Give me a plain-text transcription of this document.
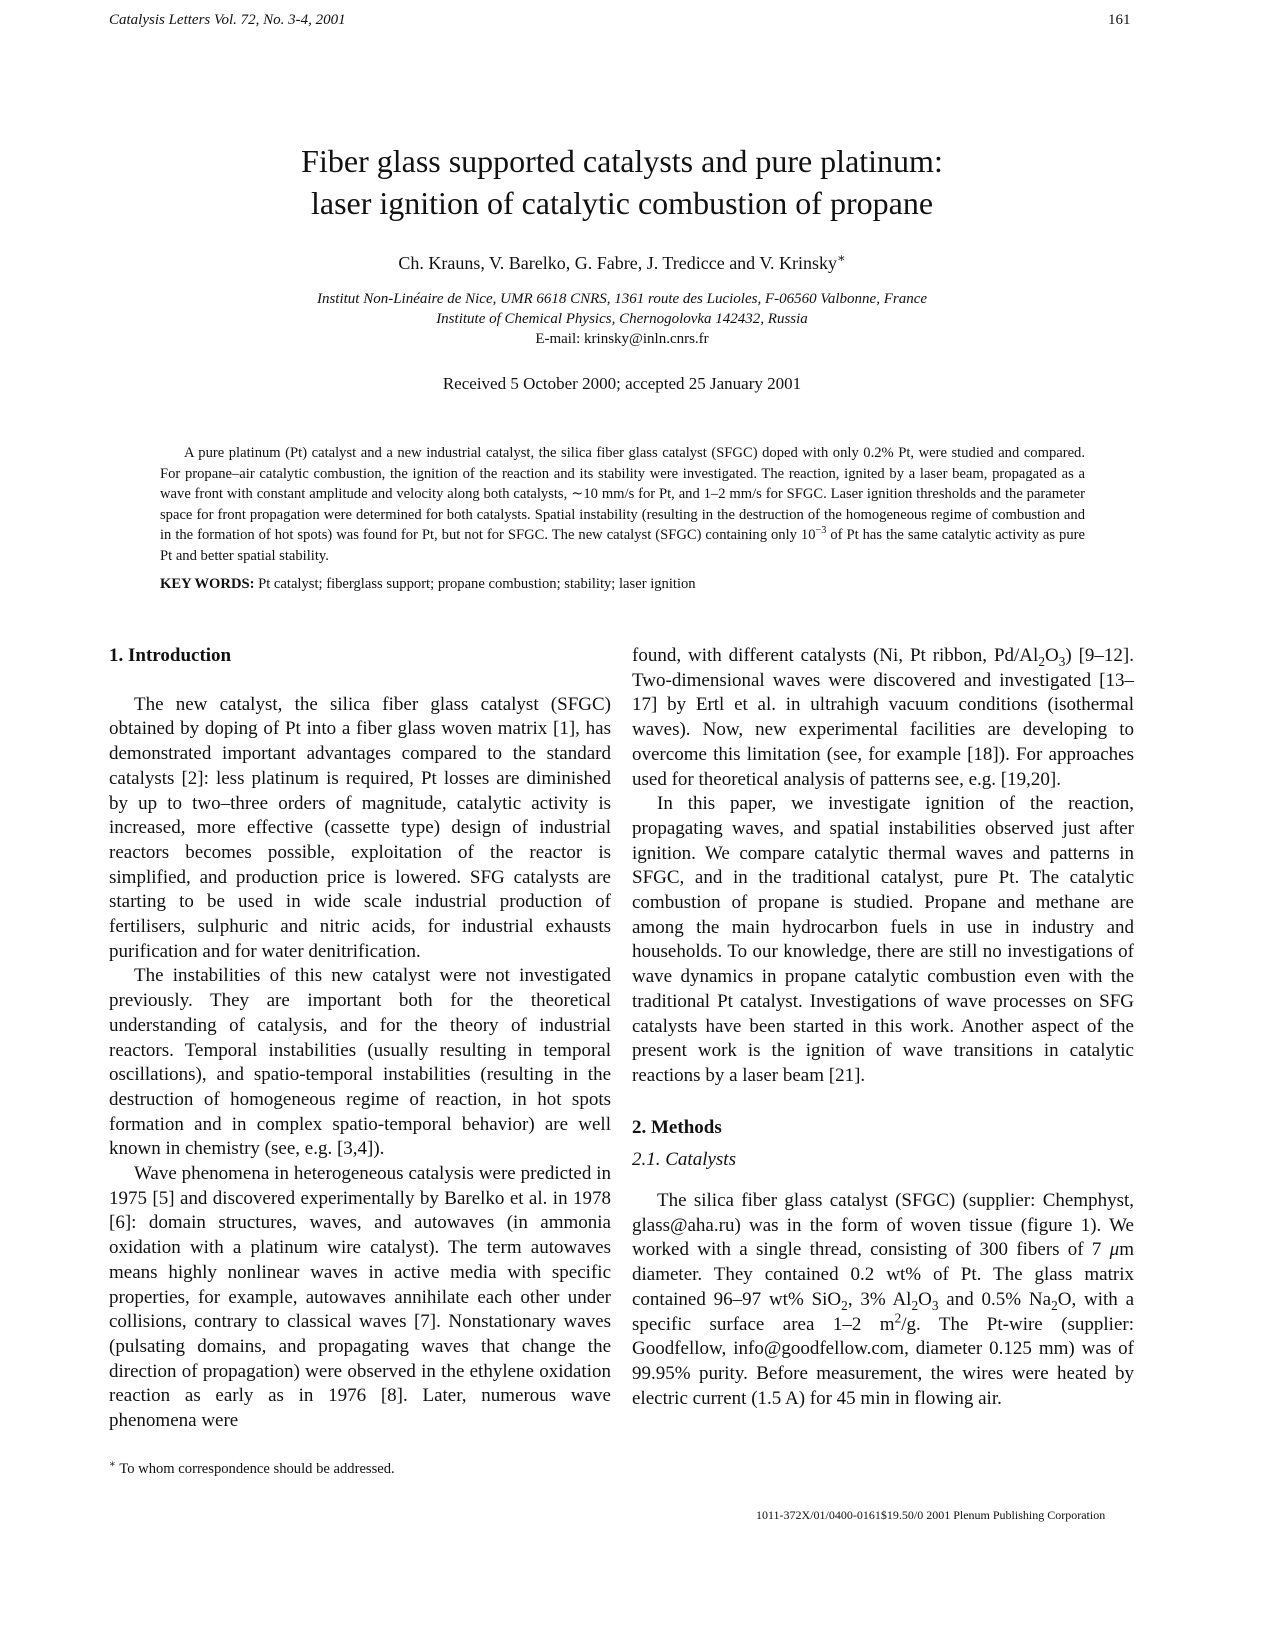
Catalysis Letters Vol. 72, No. 3-4, 2001	161
Fiber glass supported catalysts and pure platinum:
laser ignition of catalytic combustion of propane
Ch. Krauns, V. Barelko, G. Fabre, J. Tredicce and V. Krinsky∗
Institut Non-Linéaire de Nice, UMR 6618 CNRS, 1361 route des Lucioles, F-06560 Valbonne, France
Institute of Chemical Physics, Chernogolovka 142432, Russia
E-mail: krinsky@inln.cnrs.fr
Received 5 October 2000; accepted 25 January 2001
A pure platinum (Pt) catalyst and a new industrial catalyst, the silica fiber glass catalyst (SFGC) doped with only 0.2% Pt, were studied and compared. For propane–air catalytic combustion, the ignition of the reaction and its stability were investigated. The reaction, ignited by a laser beam, propagated as a wave front with constant amplitude and velocity along both catalysts, ∼10 mm/s for Pt, and 1–2 mm/s for SFGC. Laser ignition thresholds and the parameter space for front propagation were determined for both catalysts. Spatial instability (resulting in the destruction of the homogeneous regime of combustion and in the formation of hot spots) was found for Pt, but not for SFGC. The new catalyst (SFGC) containing only $10^{-3}$ of Pt has the same catalytic activity as pure Pt and better spatial stability.
KEY WORDS: Pt catalyst; fiberglass support; propane combustion; stability; laser ignition
1. Introduction

The new catalyst, the silica fiber glass catalyst (SFGC) obtained by doping of Pt into a fiber glass woven matrix [1], has demonstrated important advantages compared to the standard catalysts [2]: less platinum is required, Pt losses are diminished by up to two–three orders of magnitude, catalytic activity is increased, more effective (cassette type) design of industrial reactors becomes possible, exploitation of the reactor is simplified, and production price is lowered. SFG catalysts are starting to be used in wide scale industrial production of fertilisers, sulphuric and nitric acids, for industrial exhausts purification and for water denitrification.

The instabilities of this new catalyst were not investigated previously. They are important both for the theoretical understanding of catalysis, and for the theory of industrial reactors. Temporal instabilities (usually resulting in temporal oscillations), and spatio-temporal instabilities (resulting in the destruction of homogeneous regime of reaction, in hot spots formation and in complex spatio-temporal behavior) are well known in chemistry (see, e.g. [3,4]).

Wave phenomena in heterogeneous catalysis were predicted in 1975 [5] and discovered experimentally by Barelko et al. in 1978 [6]: domain structures, waves, and autowaves (in ammonia oxidation with a platinum wire catalyst). The term autowaves means highly nonlinear waves in active media with specific properties, for example, autowaves annihilate each other under collisions, contrary to classical waves [7]. Nonstationary waves (pulsating domains, and propagating waves that change the direction of propagation) were observed in the ethylene oxidation reaction as early as in 1976 [8]. Later, numerous wave phenomena were

found, with different catalysts (Ni, Pt ribbon, $Pd/Al_2O_3$) [9–12]. Two-dimensional waves were discovered and investigated [13–17] by Ertl et al. in ultrahigh vacuum conditions (isothermal waves). Now, new experimental facilities are developing to overcome this limitation (see, for example [18]). For approaches used for theoretical analysis of patterns see, e.g. [19,20].

In this paper, we investigate ignition of the reaction, propagating waves, and spatial instabilities observed just after ignition. We compare catalytic thermal waves and patterns in SFGC, and in the traditional catalyst, pure Pt. The catalytic combustion of propane is studied. Propane and methane are among the main hydrocarbon fuels in use in industry and households. To our knowledge, there are still no investigations of wave dynamics in propane catalytic combustion even with the traditional Pt catalyst. Investigations of wave processes on SFG catalysts have been started in this work. Another aspect of the present work is the ignition of wave transitions in catalytic reactions by a laser beam [21].

2. Methods
2.1. Catalysts

The silica fiber glass catalyst (SFGC) (supplier: Chemphyst, glass@aha.ru) was in the form of woven tissue (figure 1). We worked with a single thread, consisting of 300 fibers of 7 μm diameter. They contained 0.2 wt% of Pt. The glass matrix contained 96–97 wt% SiO$_2$, 3% $Al_2O_3$ and 0.5% $Na_2O$, with a specific surface area 1–2 $m^2/g$. The Pt-wire (supplier: Goodfellow, info@goodfellow.com, diameter 0.125 mm) was of 99.95% purity. Before measurement, the wires were heated by electric current (1.5 A) for 45 min in flowing air.

∗ To whom correspondence should be addressed.
1011-372X/01/0400-0161$19.50/0 2001 Plenum Publishing Corporation
